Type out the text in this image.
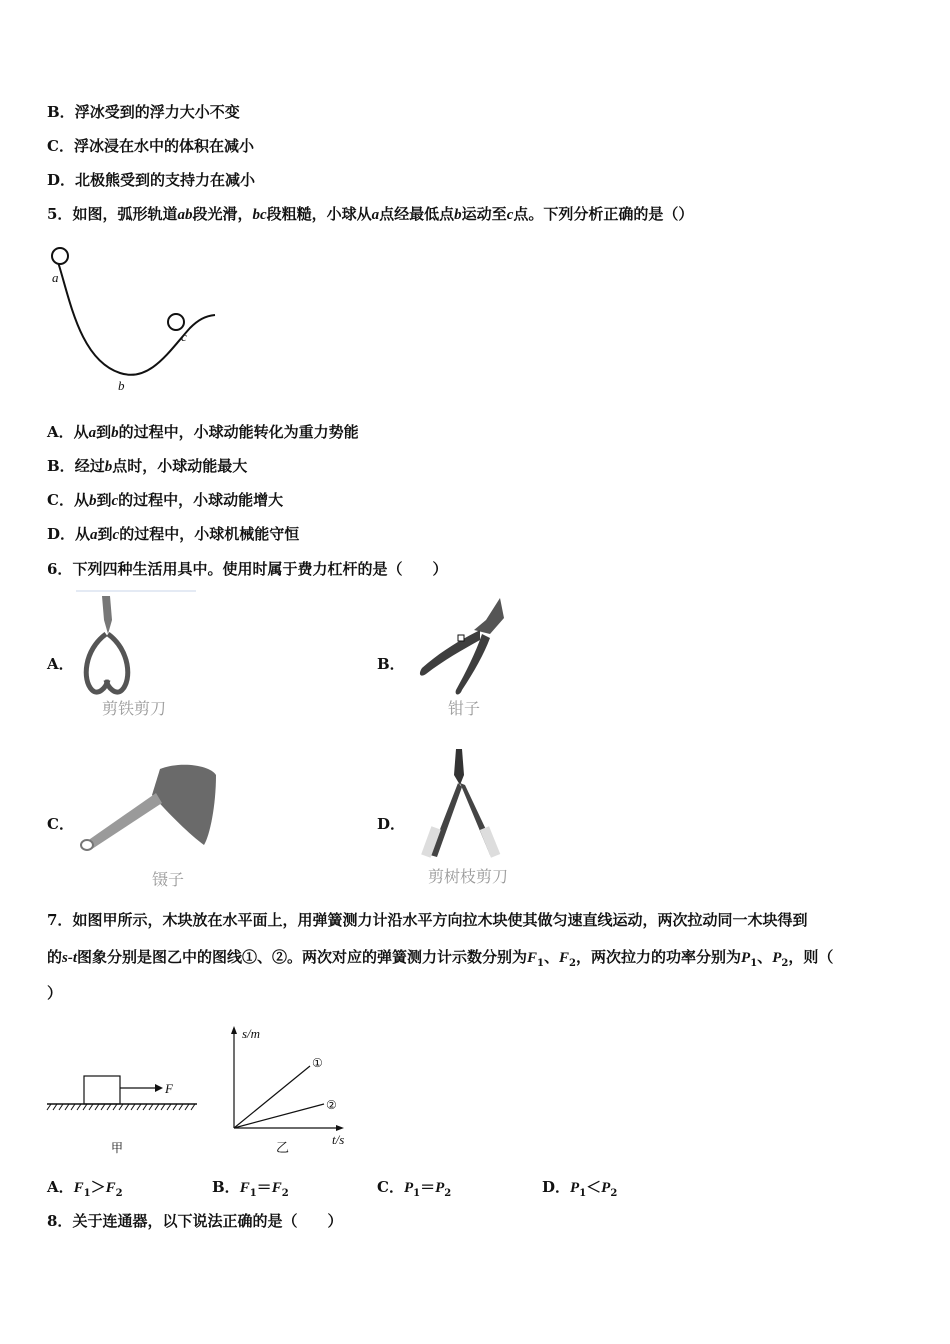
B．浮冰受到的浮力大小不变
C．浮冰浸在水中的体积在减小
D．北极熊受到的支持力在减小
5．如图，弧形轨道ab段光滑，bc段粗糙，小球从a点经最低点b运动至c点。下列分析正确的是（）
a
b
c
A．从a到b的过程中，小球动能转化为重力势能
B．经过b点时，小球动能最大
C．从b到c的过程中，小球动能增大
D．从a到c的过程中，小球机械能守恒
6．下列四种生活用具中。使用时属于费力杠杆的是（　　）
A．
剪铁剪刀
B．
钳子
C．
镊子
D．
剪树枝剪刀
7．如图甲所示，木块放在水平面上，用弹簧测力计沿水平方向拉木块使其做匀速直线运动，两次拉动同一木块得到
的s-t图象分别是图乙中的图线①、②。两次对应的弹簧测力计示数分别为$F_1$、$F_2$，两次拉力的功率分别为$P_1$、$P_2$，则（
）
F
甲
s/m
t/s
①
②
乙
A．$F_1>F_2$	B．$F_1=F_2$	C．$P_1=P_2$	D．$P_1<P_2$
8．关于连通器，以下说法正确的是（　　）
